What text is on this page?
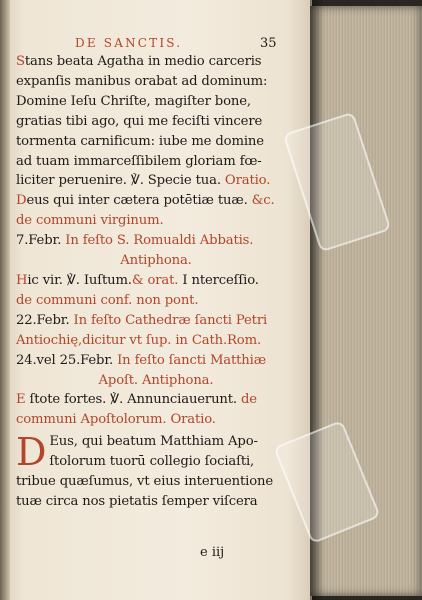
DE SANCTIS.	35
Stans beata Agatha in medio carceris
expanſis manibus orabat ad dominum:
Domine Ieſu Chriſte, magiſter bone,
gratias tibi ago, qui me feciſti vincere
tormenta carnificum: iube me domine
ad tuam immarceſſibilem gloriam fœ-
liciter peruenire. ℣. Specie tua. Oratio.
Deus qui inter cætera potētiæ tuæ. &c.
de communi virginum.
7.Febr. In feſto S. Romualdi Abbatis.
Antiphona.
Hic vir. ℣. Iuſtum.& orat. I nterceſſio.
de communi conf. non pont.
22.Febr. In feſto Cathedræ ſancti Petri
Antiochię,dicitur vt ſup. in Cath.Rom.
24.vel 25.Febr. In feſto ſancti Matthiæ
Apoſt. Antiphona.
E ſtote fortes. ℣. Annunciauerunt. de
communi Apoſtolorum. Oratio.
D Eus, qui beatum Matthiam Apo-
ſtolorum tuorū collegio ſociaſti,
tribue quæſumus, vt eius interuentione
tuæ circa nos pietatis ſemper viſcera
e iij
